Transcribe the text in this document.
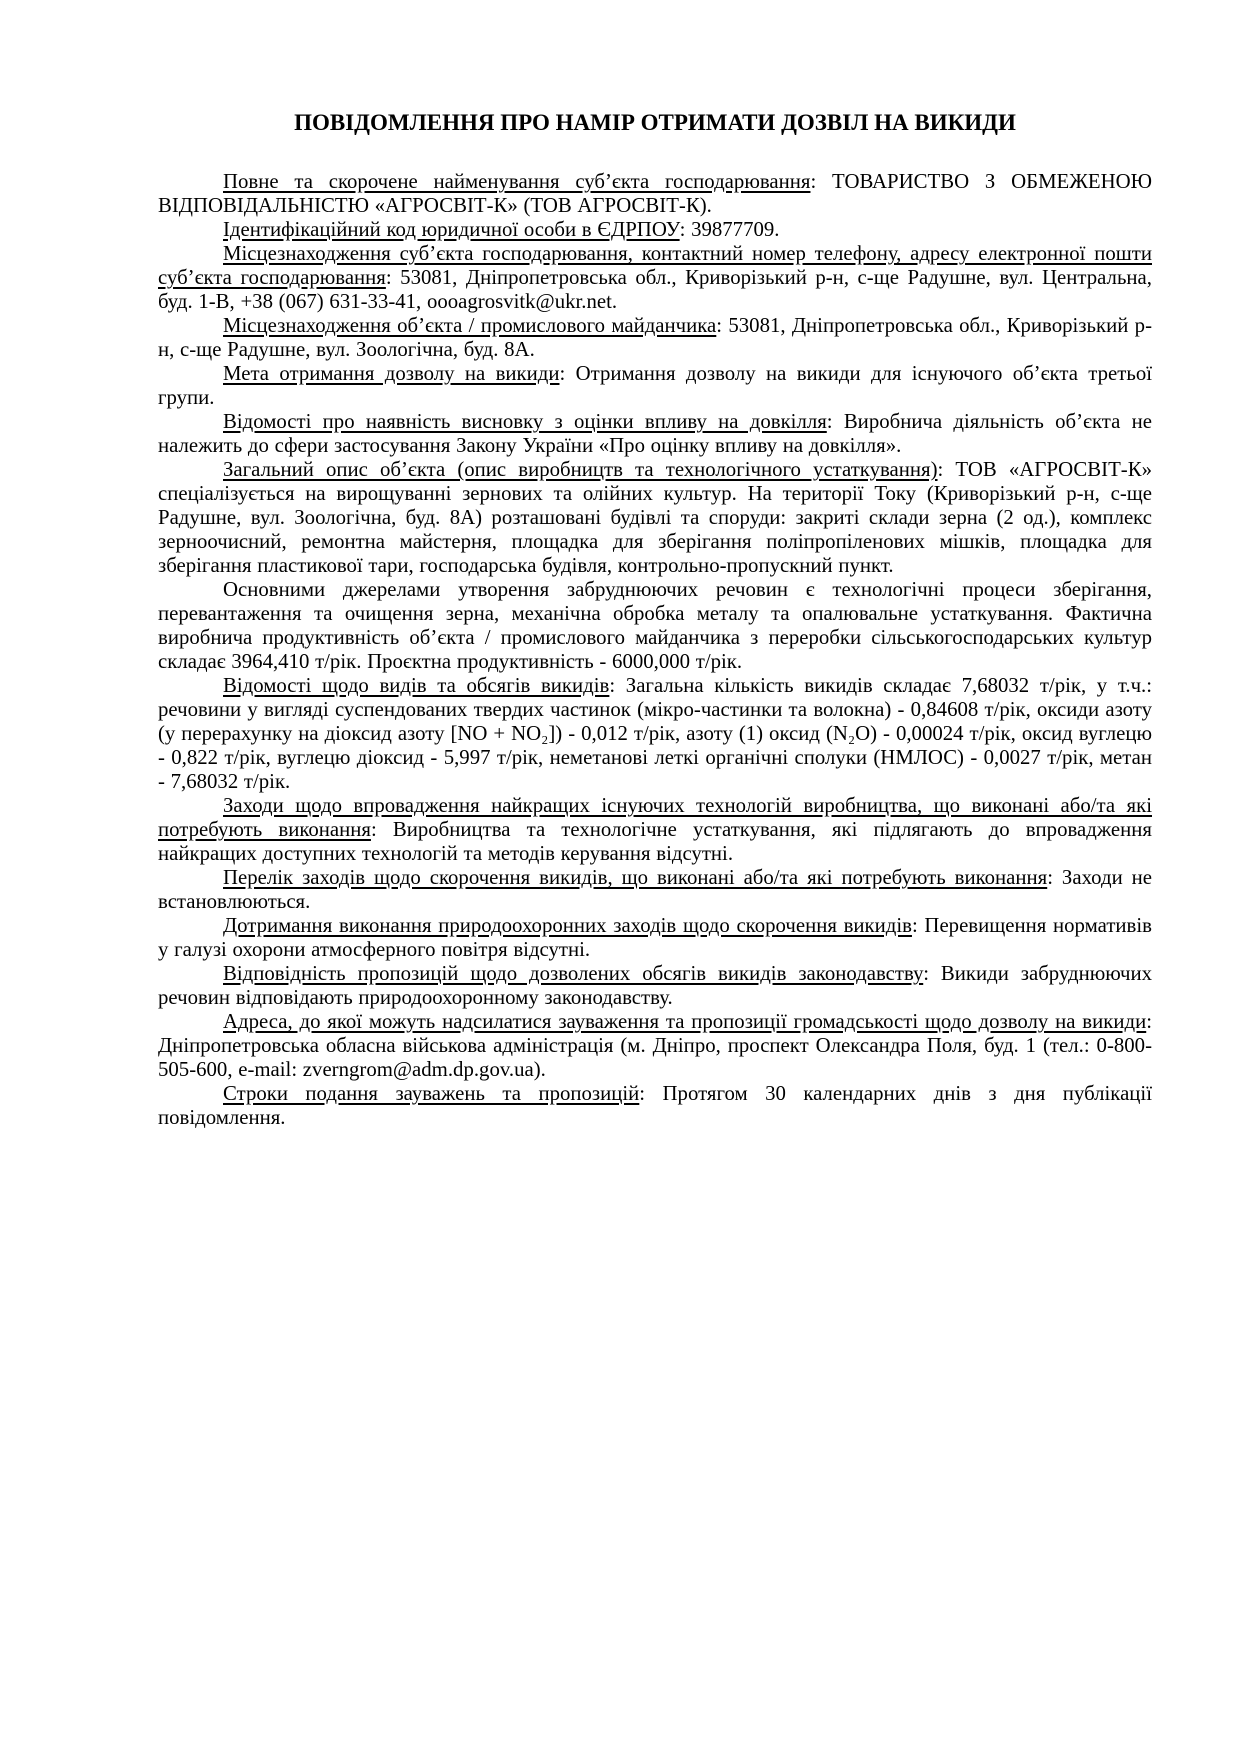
ПОВІДОМЛЕННЯ ПРО НАМІР ОТРИМАТИ ДОЗВІЛ НА ВИКИДИ

Повне та скорочене найменування суб’єкта господарювання: ТОВАРИСТВО З ОБМЕЖЕНОЮ ВІДПОВІДАЛЬНІСТЮ «АГРОСВІТ-К» (ТОВ АГРОСВІТ-К).

Ідентифікаційний код юридичної особи в ЄДРПОУ: 39877709.

Місцезнаходження суб’єкта господарювання, контактний номер телефону, адресу електронної пошти суб’єкта господарювання: 53081, Дніпропетровська обл., Криворізький р-н, с-ще Радушне, вул. Центральна, буд. 1-В, +38 (067) 631-33-41, oooagrosvitk@ukr.net.

Місцезнаходження об’єкта / промислового майданчика: 53081, Дніпропетровська обл., Криворізький р-н, с-ще Радушне, вул. Зоологічна, буд. 8А.

Мета отримання дозволу на викиди: Отримання дозволу на викиди для існуючого об’єкта третьої групи.

Відомості про наявність висновку з оцінки впливу на довкілля: Виробнича діяльність об’єкта не належить до сфери застосування Закону України «Про оцінку впливу на довкілля».

Загальний опис об’єкта (опис виробництв та технологічного устаткування): ТОВ «АГРОСВІТ-К» спеціалізується на вирощуванні зернових та олійних культур. На території Току (Криворізький р-н, с-ще Радушне, вул. Зоологічна, буд. 8А) розташовані будівлі та споруди: закриті склади зерна (2 од.), комплекс зерноочисний, ремонтна майстерня, площадка для зберігання поліпропіленових мішків, площадка для зберігання пластикової тари, господарська будівля, контрольно-пропускний пункт.

Основними джерелами утворення забруднюючих речовин є технологічні процеси зберігання, перевантаження та очищення зерна, механічна обробка металу та опалювальне устаткування. Фактична виробнича продуктивність об’єкта / промислового майданчика з переробки сільськогосподарських культур складає 3964,410 т/рік. Проєктна продуктивність - 6000,000 т/рік.

Відомості щодо видів та обсягів викидів: Загальна кількість викидів складає 7,68032 т/рік, у т.ч.: речовини у вигляді суспендованих твердих частинок (мікро-частинки та волокна) - 0,84608 т/рік, оксиди азоту (у перерахунку на діоксид азоту [NO + NO₂]) - 0,012 т/рік, азоту (1) оксид (N₂O) - 0,00024 т/рік, оксид вуглецю - 0,822 т/рік, вуглецю діоксид - 5,997 т/рік, неметанові леткі органічні сполуки (НМЛОС) - 0,0027 т/рік, метан - 7,68032 т/рік.

Заходи щодо впровадження найкращих існуючих технологій виробництва, що виконані або/та які потребують виконання: Виробництва та технологічне устаткування, які підлягають до впровадження найкращих доступних технологій та методів керування відсутні.

Перелік заходів щодо скорочення викидів, що виконані або/та які потребують виконання: Заходи не встановлюються.

Дотримання виконання природоохоронних заходів щодо скорочення викидів: Перевищення нормативів у галузі охорони атмосферного повітря відсутні.

Відповідність пропозицій щодо дозволених обсягів викидів законодавству: Викиди забруднюючих речовин відповідають природоохоронному законодавству.

Адреса, до якої можуть надсилатися зауваження та пропозиції громадськості щодо дозволу на викиди: Дніпропетровська обласна військова адміністрація (м. Дніпро, проспект Олександра Поля, буд. 1 (тел.: 0-800-505-600, e-mail: zverngrom@adm.dp.gov.ua).

Строки подання зауважень та пропозицій: Протягом 30 календарних днів з дня публікації повідомлення.
